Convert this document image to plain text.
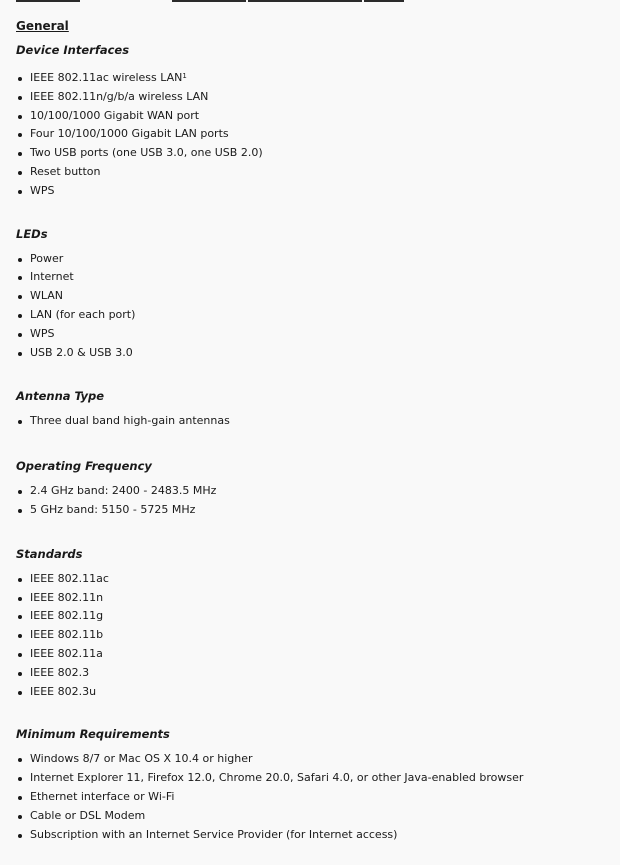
General
Device Interfaces
IEEE 802.11ac wireless LAN$^1$
IEEE 802.11n/g/b/a wireless LAN
10/100/1000 Gigabit WAN port
Four 10/100/1000 Gigabit LAN ports
Two USB ports (one USB 3.0, one USB 2.0)
Reset button
WPS
LEDs
Power
Internet
WLAN
LAN (for each port)
WPS
USB 2.0 & USB 3.0
Antenna Type
Three dual band high-gain antennas
Operating Frequency
2.4 GHz band: 2400 - 2483.5 MHz
5 GHz band: 5150 - 5725 MHz
Standards
IEEE 802.11ac
IEEE 802.11n
IEEE 802.11g
IEEE 802.11b
IEEE 802.11a
IEEE 802.3
IEEE 802.3u
Minimum Requirements
Windows 8/7 or Mac OS X 10.4 or higher
Internet Explorer 11, Firefox 12.0, Chrome 20.0, Safari 4.0, or other Java-enabled browser
Ethernet interface or Wi-Fi
Cable or DSL Modem
Subscription with an Internet Service Provider (for Internet access)
